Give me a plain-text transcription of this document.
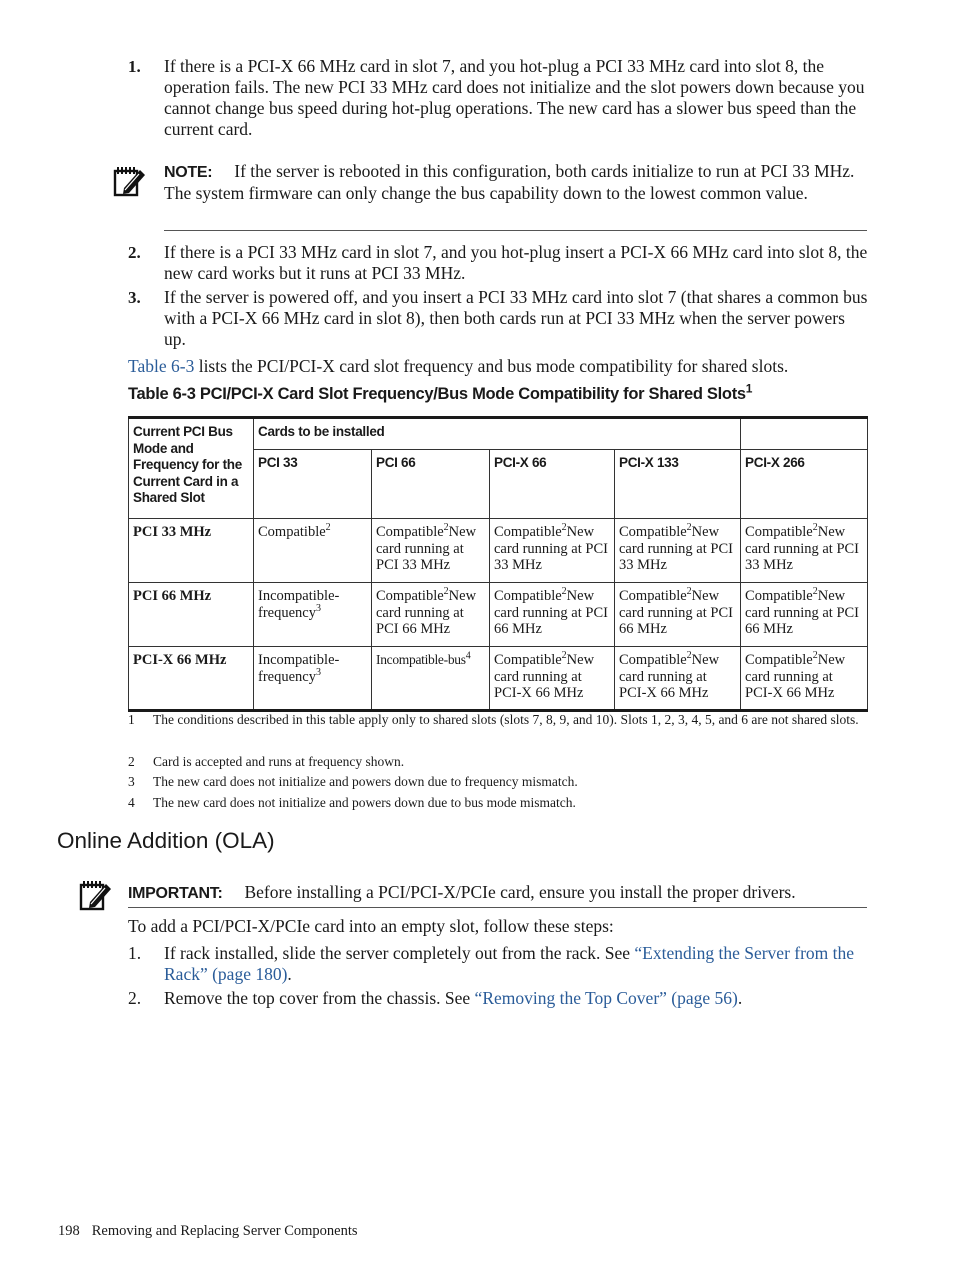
1. If there is a PCI-X 66 MHz card in slot 7, and you hot-plug a PCI 33 MHz card into slot 8, the operation fails. The new PCI 33 MHz card does not initialize and the slot powers down because you cannot change bus speed during hot-plug operations. The new card has a slower bus speed than the current card.
NOTE: If the server is rebooted in this configuration, both cards initialize to run at PCI 33 MHz. The system firmware can only change the bus capability down to the lowest common value.
2. If there is a PCI 33 MHz card in slot 7, and you hot-plug insert a PCI-X 66 MHz card into slot 8, the new card works but it runs at PCI 33 MHz.
3. If the server is powered off, and you insert a PCI 33 MHz card into slot 7 (that shares a common bus with a PCI-X 66 MHz card in slot 8), then both cards run at PCI 33 MHz when the server powers up.
Table 6-3 lists the PCI/PCI-X card slot frequency and bus mode compatibility for shared slots.
Table 6-3 PCI/PCI-X Card Slot Frequency/Bus Mode Compatibility for Shared Slots$^1$
Current PCI Bus Mode and Frequency for the Current Card in a Shared Slot	Cards to be installed				
	PCI 33	PCI 66	PCI-X 66	PCI-X 133	PCI-X 266
PCI 33 MHz	Compatible$^2$	Compatible$^2$New card running at PCI 33 MHz	Compatible$^2$New card running at PCI 33 MHz	Compatible$^2$New card running at PCI 33 MHz	Compatible$^2$New card running at PCI 33 MHz
PCI 66 MHz	Incompatible-frequency$^3$	Compatible$^2$New card running at PCI 66 MHz	Compatible$^2$New card running at PCI 66 MHz	Compatible$^2$New card running at PCI 66 MHz	Compatible$^2$New card running at PCI 66 MHz
PCI-X 66 MHz	Incompatible-frequency$^3$	Incompatible-bus$^4$	Compatible$^2$New card running at PCI-X 66 MHz	Compatible$^2$New card running at PCI-X 66 MHz	Compatible$^2$New card running at PCI-X 66 MHz
1 The conditions described in this table apply only to shared slots (slots 7, 8, 9, and 10). Slots 1, 2, 3, 4, 5, and 6 are not shared slots.
2 Card is accepted and runs at frequency shown.
3 The new card does not initialize and powers down due to frequency mismatch.
4 The new card does not initialize and powers down due to bus mode mismatch.
Online Addition (OLA)
IMPORTANT: Before installing a PCI/PCI-X/PCIe card, ensure you install the proper drivers.
To add a PCI/PCI-X/PCIe card into an empty slot, follow these steps:
1. If rack installed, slide the server completely out from the rack. See “Extending the Server from the Rack” (page 180).
2. Remove the top cover from the chassis. See “Removing the Top Cover” (page 56).
198 Removing and Replacing Server Components
